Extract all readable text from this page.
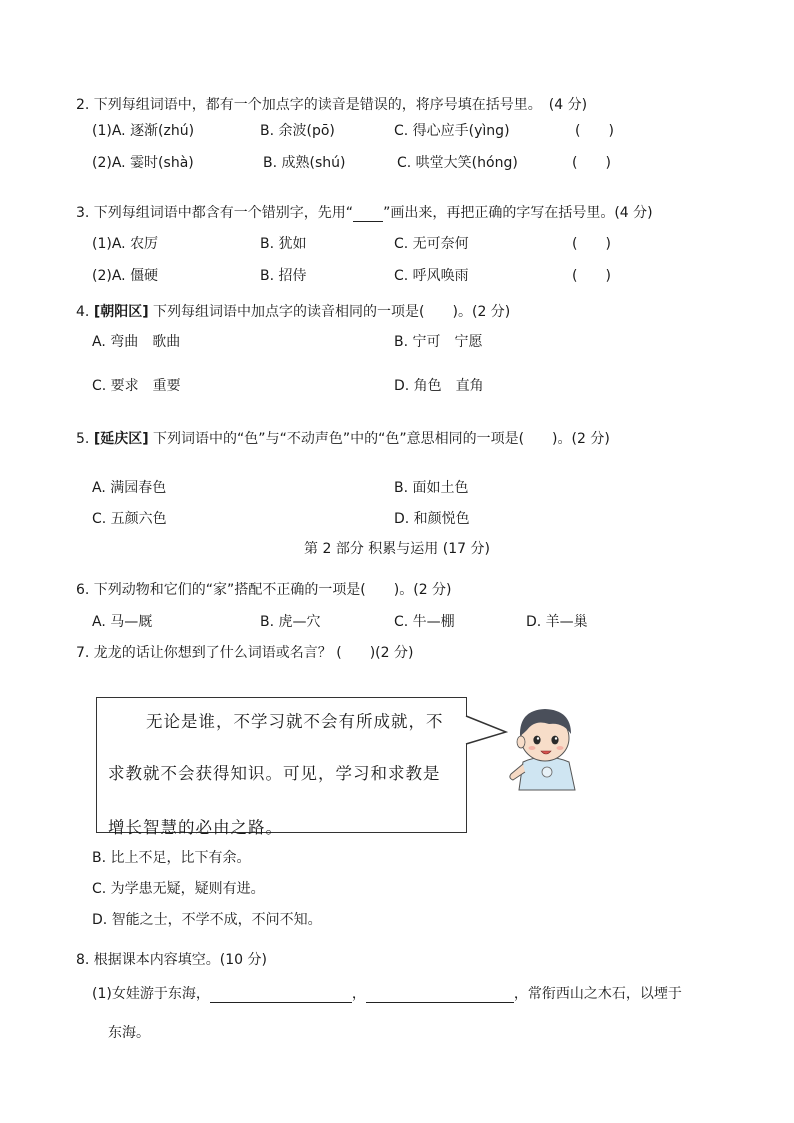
2. 下列每组词语中，都有一个加点字的读音是错误的，将序号填在括号里。　(4 分)
(1)A. 逐渐(zhú)	B. 余波(pō)	C. 得心应手(yìng)	(　　)
(2)A. 霎时(shà)	B. 成熟(shú)	C. 哄堂大笑(hóng)	(　　)
3. 下列每组词语中都含有一个错别字，先用“ ”画出来，再把正确的字写在括号里。(4 分)
(1)A. 农厉	B. 犹如	C. 无可奈何	(　　)
(2)A. 僵硬	B. 招侍	C. 呼风唤雨	(　　)
4. [朝阳区] 下列每组词语中加点字的读音相同的一项是(　　)。(2 分)
A. 弯曲　歌曲	B. 宁可　宁愿
C. 要求　重要	D. 角色　直角
5. [延庆区] 下列词语中的“色”与“不动声色”中的“色”意思相同的一项是(　　)。(2 分)
A. 满园春色	B. 面如土色
C. 五颜六色	D. 和颜悦色
第 2 部分 积累与运用 (17 分)
6. 下列动物和它们的“家”搭配不正确的一项是(　　)。(2 分)
A. 马—厩	B. 虎—穴	C. 牛—棚	D. 羊—巢
7. 龙龙的话让你想到了什么词语或名言？ (　　)(2 分)
无论是谁，不学习就不会有所成就，不
求教就不会获得知识。可见，学习和求教是
增长智慧的必由之路。
B. 比上不足，比下有余。
C. 为学患无疑，疑则有进。
D. 智能之士，不学不成，不问不知。
8. 根据课本内容填空。(10 分)
(1)女娃游于东海，	，	，常衔西山之木石，以堙于
东海。
